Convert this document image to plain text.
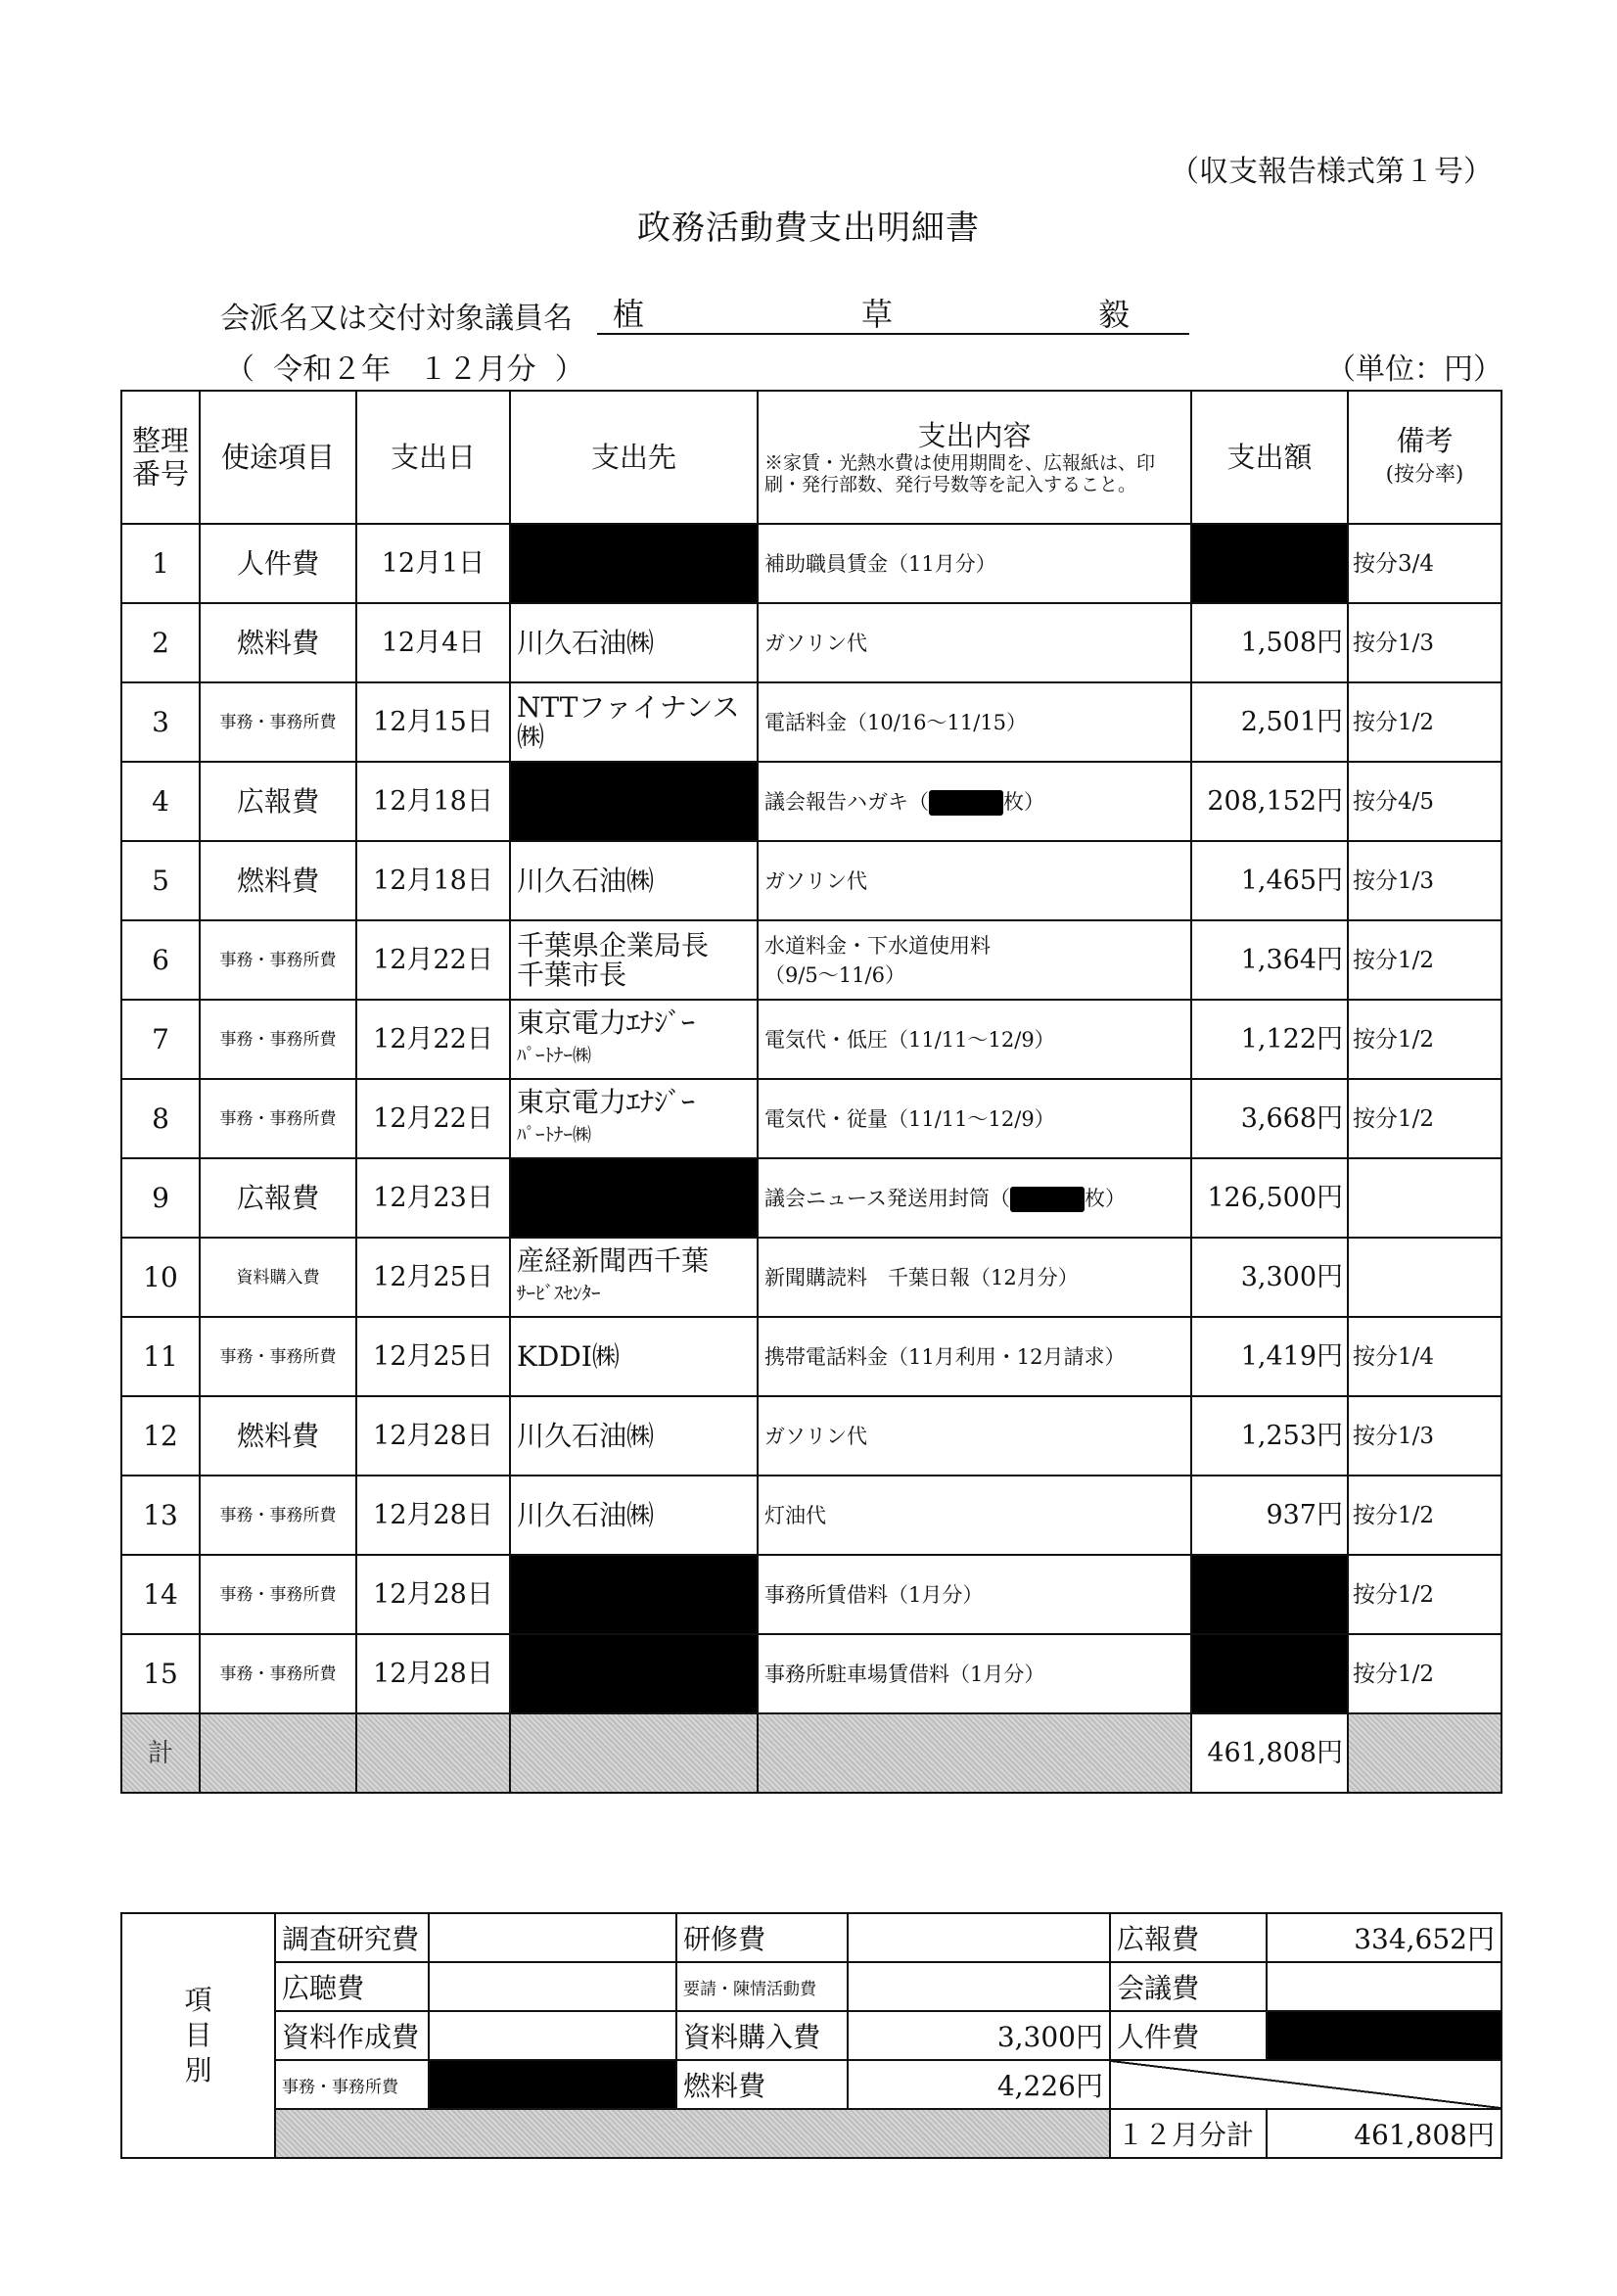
（収支報告様式第１号）
政務活動費支出明細書
会派名又は交付対象議員名 植	草	毅
（  令和２年   １２月分  ）	（単位：円）
整理番号	使途項目	支出日	支出先	支出内容
※家賃・光熱水費は使用期間を、広報紙は、印刷・発行部数、発行号数等を記入すること。	支出額	備考
(按分率)

1	人件費	12月1日		補助職員賃金（11月分）		按分3/4
2	燃料費	12月4日	川久石油㈱	ガソリン代	1,508円	按分1/3
3	事務・事務所費	12月15日	NTTファイナンス㈱	電話料金（10/16～11/15）	2,501円	按分1/2
4	広報費	12月18日		議会報告ハガキ（ 枚）	208,152円	按分4/5
5	燃料費	12月18日	川久石油㈱	ガソリン代	1,465円	按分1/3
6	事務・事務所費	12月22日	千葉県企業局長
千葉市長	水道料金・下水道使用料
（9/5～11/6）	1,364円	按分1/2
7	事務・事務所費	12月22日	東京電力ｴﾅｼﾞｰ
ﾊﾟｰﾄﾅｰ㈱	電気代・低圧（11/11～12/9）	1,122円	按分1/2
8	事務・事務所費	12月22日	東京電力ｴﾅｼﾞｰ
ﾊﾟｰﾄﾅｰ㈱	電気代・従量（11/11～12/9）	3,668円	按分1/2
9	広報費	12月23日		議会ニュース発送用封筒（ 枚）	126,500円	
10	資料購入費	12月25日	産経新聞西千葉
ｻｰﾋﾞｽｾﾝﾀｰ	新聞購読料　千葉日報（12月分）	3,300円	
11	事務・事務所費	12月25日	KDDI㈱	携帯電話料金（11月利用・12月請求）	1,419円	按分1/4
12	燃料費	12月28日	川久石油㈱	ガソリン代	1,253円	按分1/3
13	事務・事務所費	12月28日	川久石油㈱	灯油代	937円	按分1/2
14	事務・事務所費	12月28日		事務所賃借料（1月分）		按分1/2
15	事務・事務所費	12月28日		事務所駐車場賃借料（1月分）		按分1/2
計					461,808円	
項
目
別	調査研究費		研修費		広報費	334,652円
	広聴費		要請・陳情活動費		会議費	
	資料作成費		資料購入費	3,300円	人件費	
	事務・事務所費		燃料費	4,226円		
					１２月分計	461,808円
